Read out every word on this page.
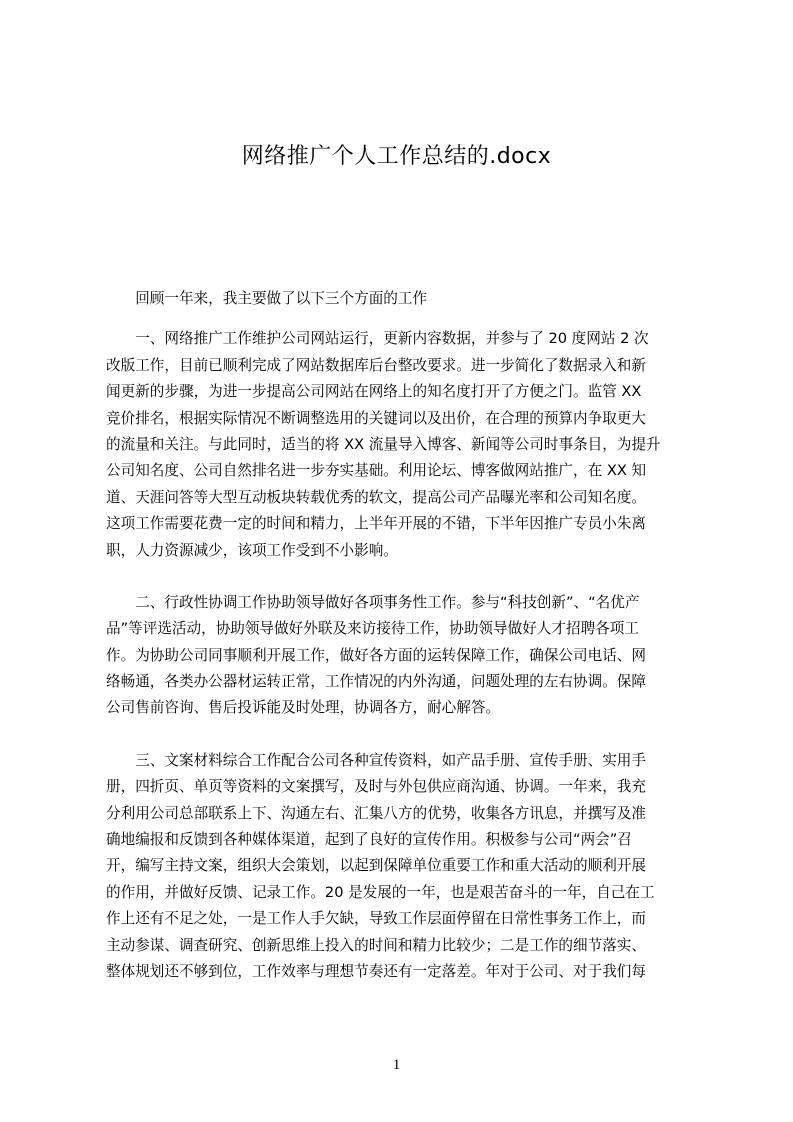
网络推广个人工作总结的.docx

　　回顾一年来，我主要做了以下三个方面的工作

　　一、网络推广工作维护公司网站运行，更新内容数据，并参与了 20 度网站 2 次
改版工作，目前已顺利完成了网站数据库后台整改要求。进一步简化了数据录入和新
闻更新的步骤，为进一步提高公司网站在网络上的知名度打开了方便之门。监管 XX
竞价排名，根据实际情况不断调整选用的关键词以及出价，在合理的预算内争取更大
的流量和关注。与此同时，适当的将 XX 流量导入博客、新闻等公司时事条目，为提升
公司知名度、公司自然排名进一步夯实基础。利用论坛、博客做网站推广，在 XX 知
道、天涯问答等大型互动板块转载优秀的软文，提高公司产品曝光率和公司知名度。
这项工作需要花费一定的时间和精力，上半年开展的不错，下半年因推广专员小朱离
职，人力资源减少，该项工作受到不小影响。

　　二、行政性协调工作协助领导做好各项事务性工作。参与“科技创新”、“名优产
品”等评选活动，协助领导做好外联及来访接待工作，协助领导做好人才招聘各项工
作。为协助公司同事顺利开展工作，做好各方面的运转保障工作，确保公司电话、网
络畅通，各类办公器材运转正常，工作情况的内外沟通，问题处理的左右协调。保障
公司售前咨询、售后投诉能及时处理，协调各方，耐心解答。

　　三、文案材料综合工作配合公司各种宣传资料，如产品手册、宣传手册、实用手
册，四折页、单页等资料的文案撰写，及时与外包供应商沟通、协调。一年来，我充
分利用公司总部联系上下、沟通左右、汇集八方的优势，收集各方讯息，并撰写及准
确地编报和反馈到各种媒体渠道，起到了良好的宣传作用。积极参与公司“两会”召
开，编写主持文案，组织大会策划，以起到保障单位重要工作和重大活动的顺利开展
的作用，并做好反馈、记录工作。20 是发展的一年，也是艰苦奋斗的一年，自己在工
作上还有不足之处，一是工作人手欠缺，导致工作层面停留在日常性事务工作上，而
主动参谋、调查研究、创新思维上投入的时间和精力比较少；二是工作的细节落实、
整体规划还不够到位，工作效率与理想节奏还有一定落差。年对于公司、对于我们每

1
